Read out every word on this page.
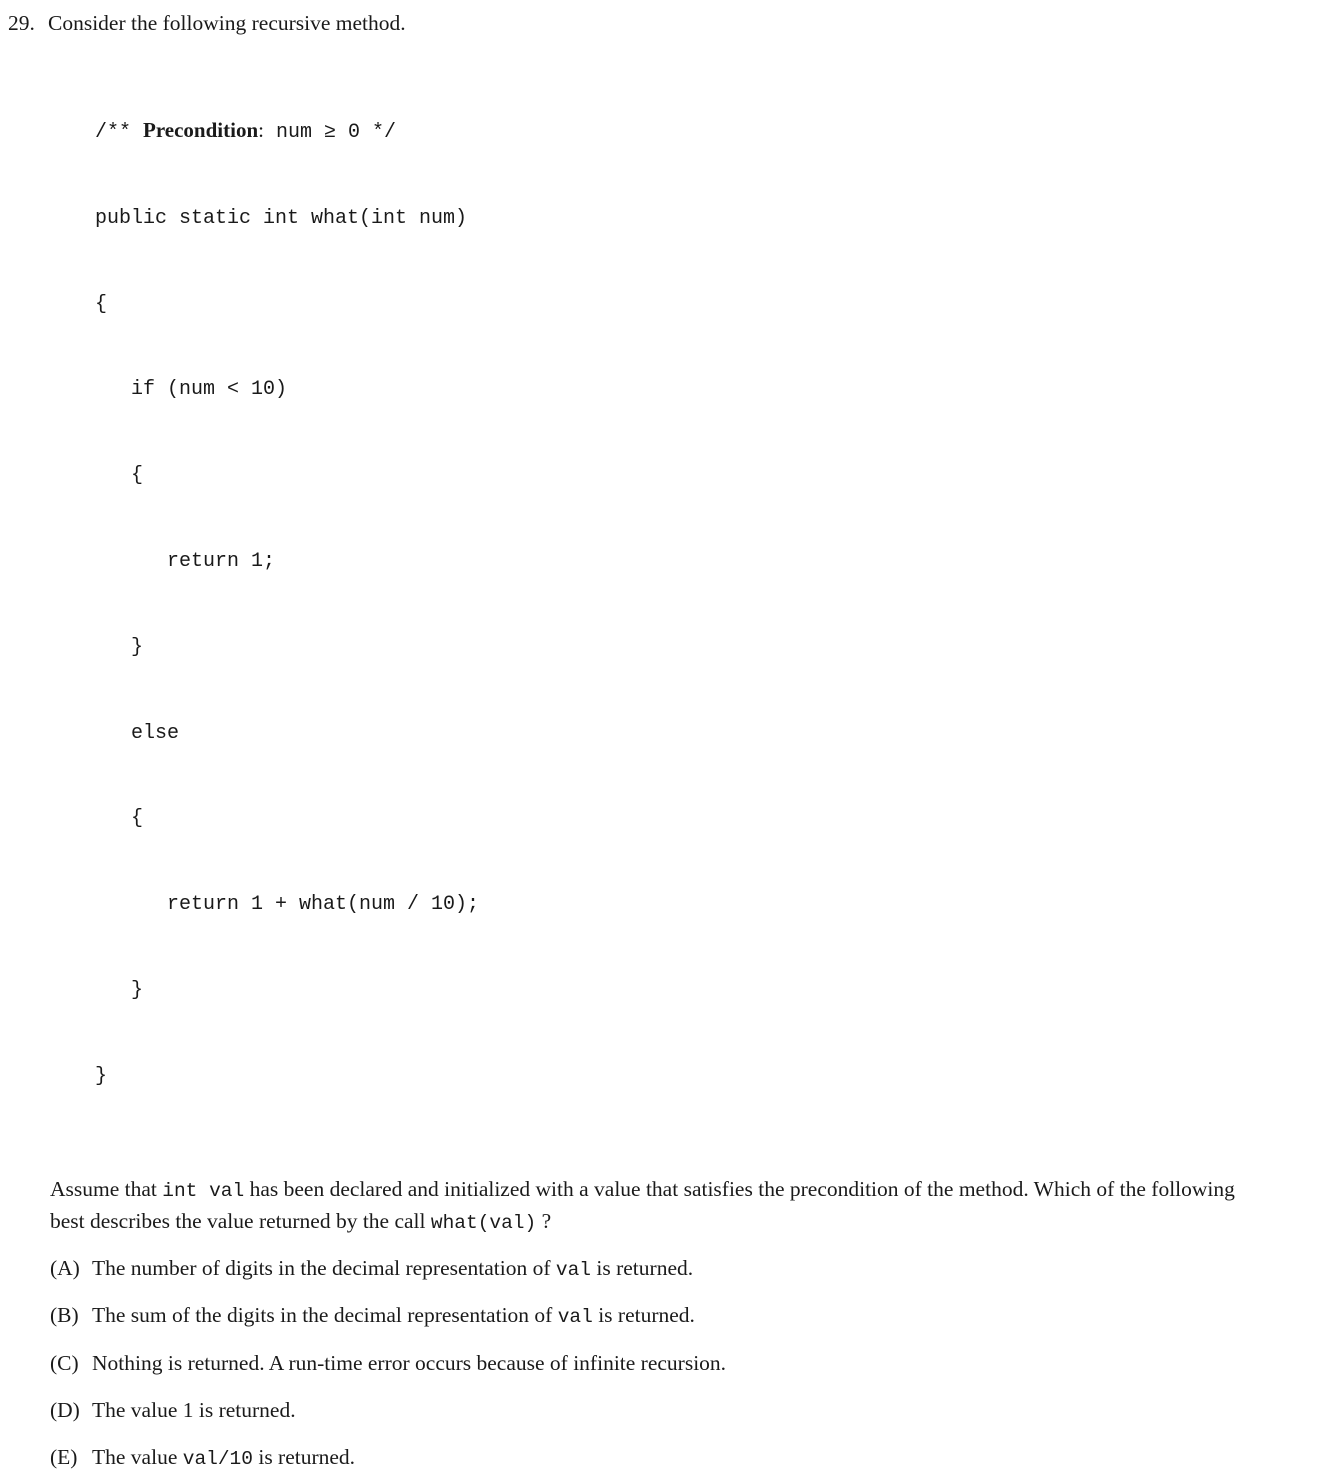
29. Consider the following recursive method.

/** Precondition: num ≥ 0 */

public static int what(int num)

{

if (num < 10)

{

return 1;

}

else

{

return 1 + what(num / 10);

}

}

Assume that int val has been declared and initialized with a value that satisfies the precondition of the method. Which of the following best describes the value returned by the call what(val) ?
(A) The number of digits in the decimal representation of val is returned.
(B) The sum of the digits in the decimal representation of val is returned.
(C) Nothing is returned. A run-time error occurs because of infinite recursion.
(D) The value 1 is returned.
(E) The value val/10 is returned.
